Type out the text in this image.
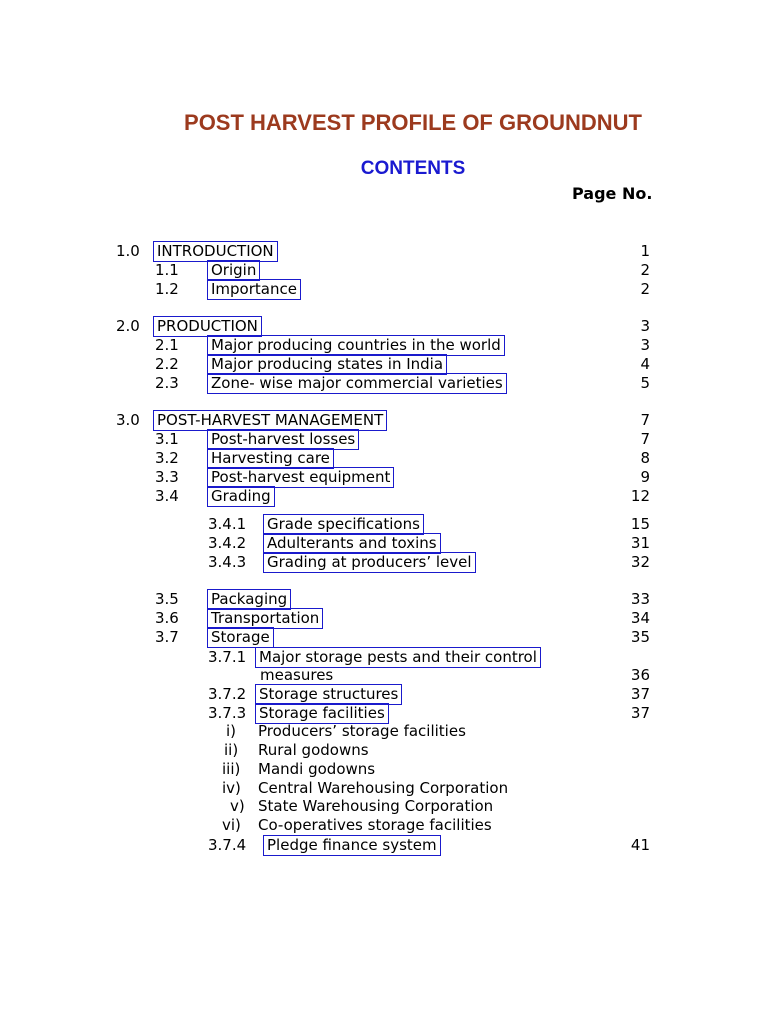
POST HARVEST PROFILE OF GROUNDNUT
CONTENTS
Page No.
1.0 INTRODUCTION	1
1.1 Origin	2
1.2 Importance	2
2.0 PRODUCTION	3
2.1 Major producing countries in the world	3
2.2 Major producing states in India	4
2.3 Zone- wise major commercial varieties	5
3.0 POST-HARVEST MANAGEMENT	7
3.1 Post-harvest losses	7
3.2 Harvesting care	8
3.3 Post-harvest equipment	9
3.4 Grading	12
3.4.1 Grade specifications	15
3.4.2 Adulterants and toxins	31
3.4.3 Grading at producers’ level	32
3.5 Packaging	33
3.6 Transportation	34
3.7 Storage	35
3.7.1 Major storage pests and their control
measures	36
3.7.2 Storage structures	37
3.7.3 Storage facilities	37
i) Producers’ storage facilities
ii) Rural godowns
iii) Mandi godowns
iv) Central Warehousing Corporation
v) State Warehousing Corporation
vi) Co-operatives storage facilities
3.7.4 Pledge finance system	41
